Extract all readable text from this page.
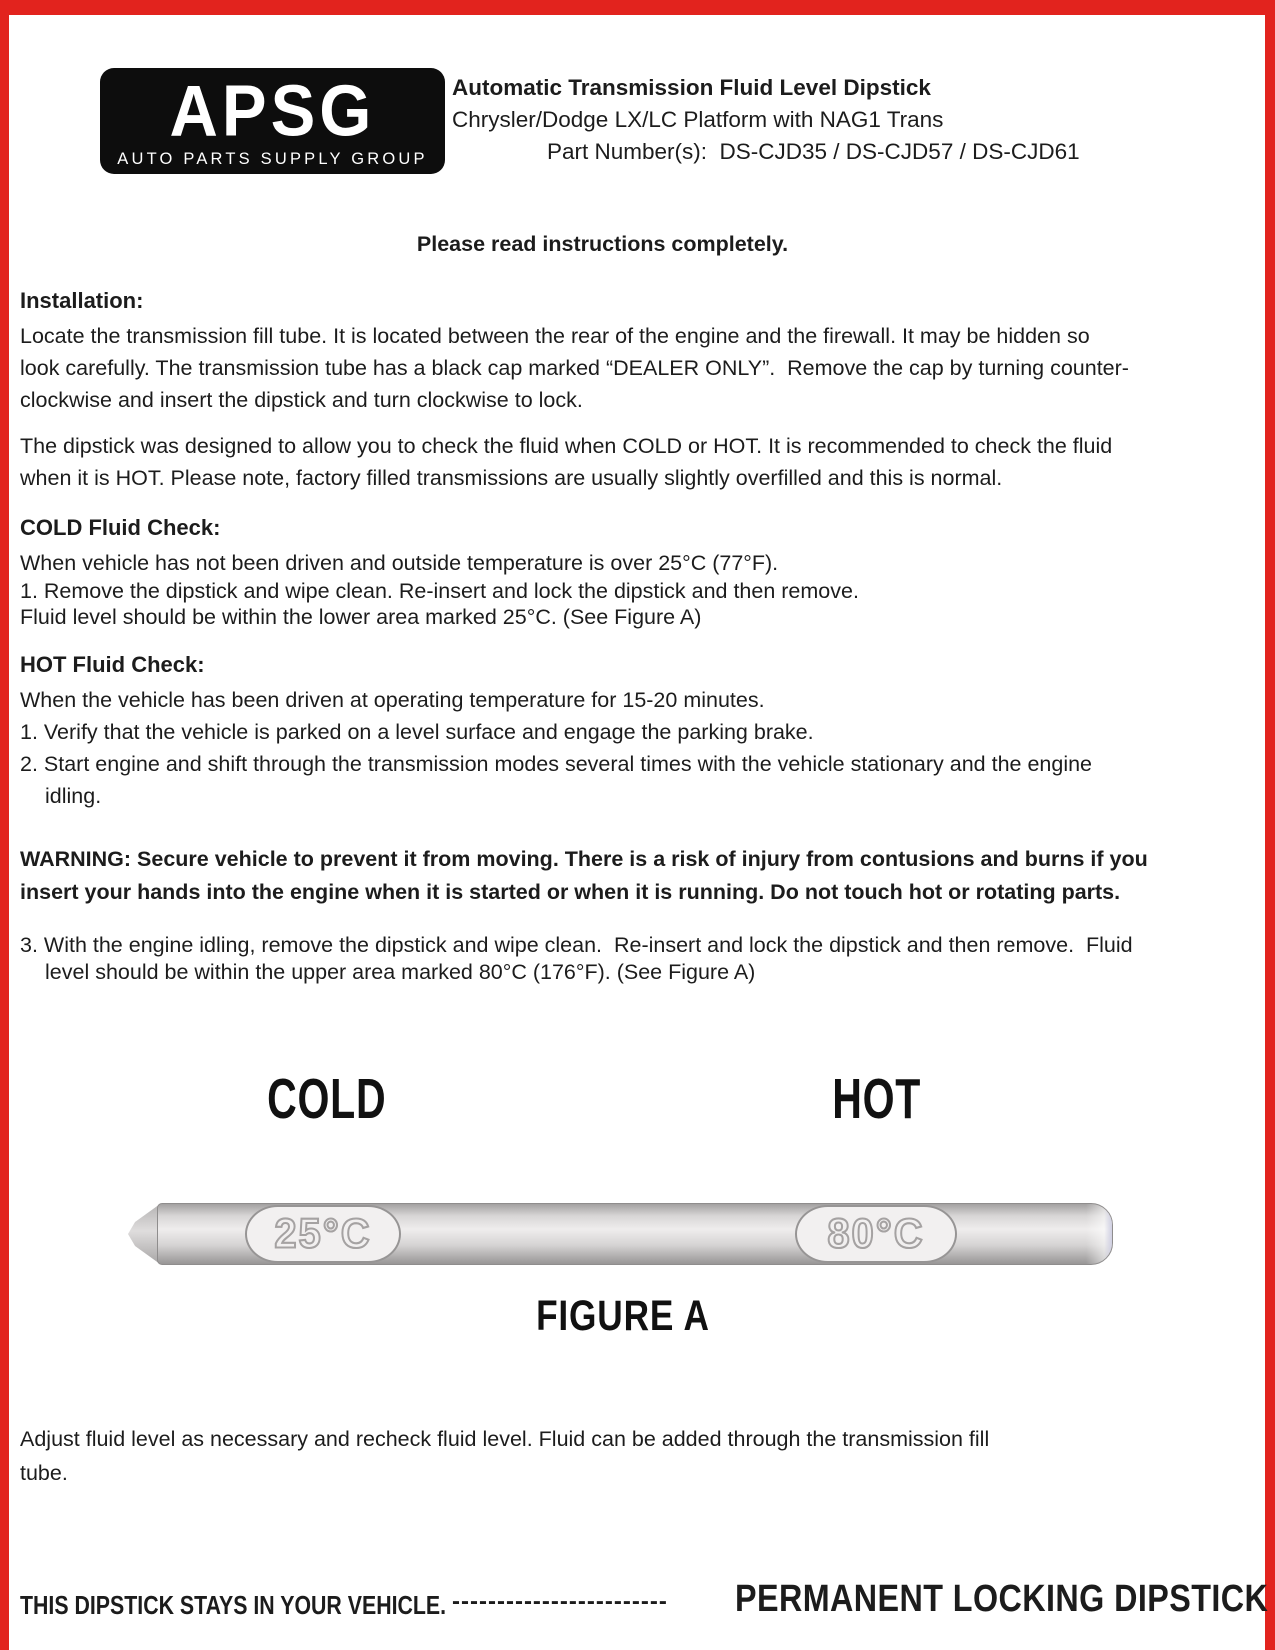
APSG
AUTO PARTS SUPPLY GROUP
Automatic Transmission Fluid Level Dipstick
Chrysler/Dodge LX/LC Platform with NAG1 Trans
Part Number(s):  DS-CJD35 / DS-CJD57 / DS-CJD61
Please read instructions completely.
Installation:
Locate the transmission fill tube. It is located between the rear of the engine and the firewall. It may be hidden so
look carefully. The transmission tube has a black cap marked “DEALER ONLY”.  Remove the cap by turning counter-
clockwise and insert the dipstick and turn clockwise to lock.
The dipstick was designed to allow you to check the fluid when COLD or HOT. It is recommended to check the fluid
when it is HOT. Please note, factory filled transmissions are usually slightly overfilled and this is normal.
COLD Fluid Check:
When vehicle has not been driven and outside temperature is over 25°C (77°F).
1. Remove the dipstick and wipe clean. Re-insert and lock the dipstick and then remove.
Fluid level should be within the lower area marked 25°C. (See Figure A)
HOT Fluid Check:
When the vehicle has been driven at operating temperature for 15-20 minutes.
1. Verify that the vehicle is parked on a level surface and engage the parking brake.
2. Start engine and shift through the transmission modes several times with the vehicle stationary and the engine
idling.
WARNING: Secure vehicle to prevent it from moving. There is a risk of injury from contusions and burns if you
insert your hands into the engine when it is started or when it is running. Do not touch hot or rotating parts.
3. With the engine idling, remove the dipstick and wipe clean.  Re-insert and lock the dipstick and then remove.  Fluid
level should be within the upper area marked 80°C (176°F). (See Figure A)
COLD	HOT
25°C	80°C
FIGURE A
Adjust fluid level as necessary and recheck fluid level. Fluid can be added through the transmission fill
tube.
THIS DIPSTICK STAYS IN YOUR VEHICLE. ------------------------ PERMANENT LOCKING DIPSTICK
